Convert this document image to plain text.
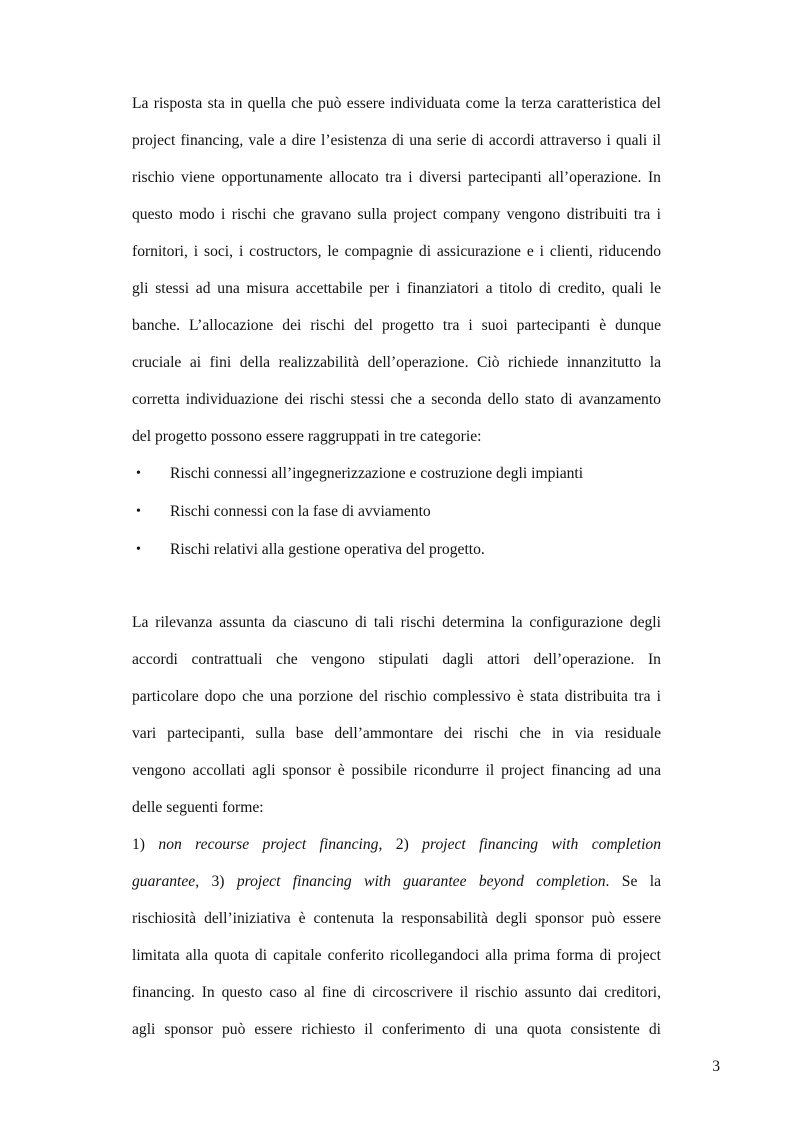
La risposta sta in quella che può essere individuata come la terza caratteristica del
project financing, vale a dire l’esistenza di una serie di accordi attraverso i quali il
rischio viene opportunamente allocato tra i diversi partecipanti all’operazione. In
questo modo i rischi che gravano sulla project company vengono distribuiti tra i
fornitori, i soci, i costructors, le compagnie di assicurazione e i clienti, riducendo
gli stessi ad una misura accettabile per i finanziatori a titolo di credito, quali le
banche. L’allocazione dei rischi del progetto tra i suoi partecipanti è dunque
cruciale ai fini della realizzabilità dell’operazione. Ciò richiede innanzitutto la
corretta individuazione dei rischi stessi che a seconda dello stato di avanzamento
del progetto possono essere raggruppati in tre categorie:
• Rischi connessi all’ingegnerizzazione e costruzione degli impianti
• Rischi connessi con la fase di avviamento
• Rischi relativi alla gestione operativa del progetto.
La rilevanza assunta da ciascuno di tali rischi determina la configurazione degli
accordi contrattuali che vengono stipulati dagli attori dell’operazione. In
particolare dopo che una porzione del rischio complessivo è stata distribuita tra i
vari partecipanti, sulla base dell’ammontare dei rischi che in via residuale
vengono accollati agli sponsor è possibile ricondurre il project financing ad una
delle seguenti forme:
1) non recourse project financing, 2) project financing with completion
guarantee, 3) project financing with guarantee beyond completion. Se la
rischiosità dell’iniziativa è contenuta la responsabilità degli sponsor può essere
limitata alla quota di capitale conferito ricollegandoci alla prima forma di project
financing. In questo caso al fine di circoscrivere il rischio assunto dai creditori,
agli sponsor può essere richiesto il conferimento di una quota consistente di
3
